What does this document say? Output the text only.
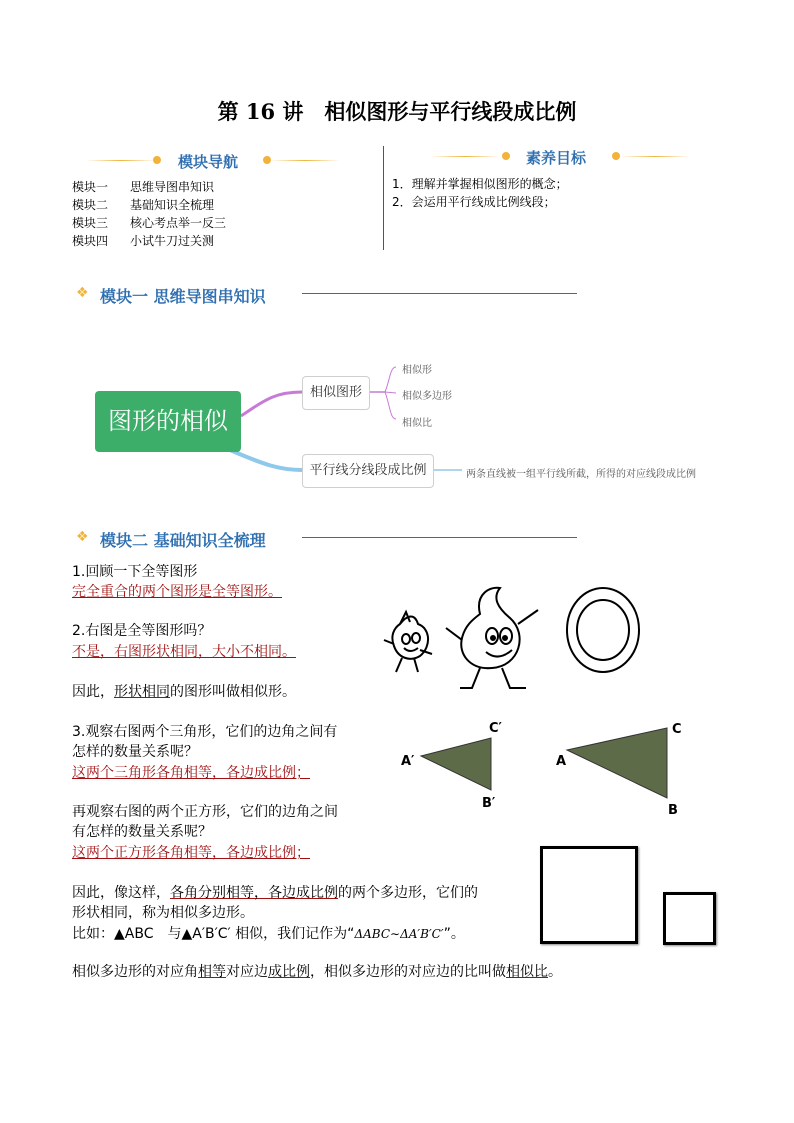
第 16 讲　相似图形与平行线段成比例
模块导航	素养目标
模块一 思维导图串知识
模块二 基础知识全梳理
模块三 核心考点举一反三
模块四 小试牛刀过关测
1．理解并掌握相似图形的概念；
2．会运用平行线成比例线段；
❖ 模块一 思维导图串知识
图形的相似
相似图形
相似形
相似多边形
相似比
平行线分线段成比例	两条直线被一组平行线所截，所得的对应线段成比例
❖ 模块二 基础知识全梳理
1.回顾一下全等图形
完全重合的两个图形是全等图形。
2.右图是全等图形吗？
不是，右图形状相同，大小不相同。
因此，形状相同的图形叫做相似形。
3.观察右图两个三角形，它们的边角之间有
怎样的数量关系呢？
这两个三角形各角相等，各边成比例；
再观察右图的两个正方形，它们的边角之间
有怎样的数量关系呢？
这两个正方形各角相等，各边成比例；
因此，像这样，各角分别相等，各边成比例的两个多边形，它们的
形状相同，称为相似多边形。
比如：▲ABC　与▲A′B′C′ 相似，我们记作为“ΔABC∼ΔA′B′C′”。
相似多边形的对应角相等对应边成比例，相似多边形的对应边的比叫做相似比。
A′
B′
C′
A
B
C
